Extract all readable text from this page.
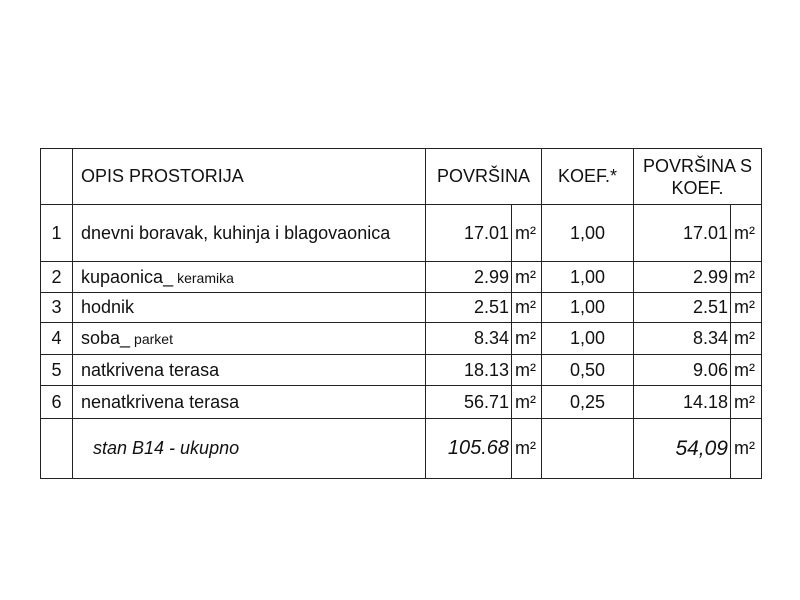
	OPIS PROSTORIJA	POVRŠINA		KOEF.*	POVRŠINA S
KOEF.	
1	dnevni boravak, kuhinja i blagovaonica	17.01	m²	1,00	17.01	m²
2	kupaonica_ keramika	2.99	m²	1,00	2.99	m²
3	hodnik	2.51	m²	1,00	2.51	m²
4	soba_ parket	8.34	m²	1,00	8.34	m²
5	natkrivena terasa	18.13	m²	0,50	9.06	m²
6	nenatkrivena terasa	56.71	m²	0,25	14.18	m²
	stan B14 - ukupno	105.68	m²		54,09	m²
